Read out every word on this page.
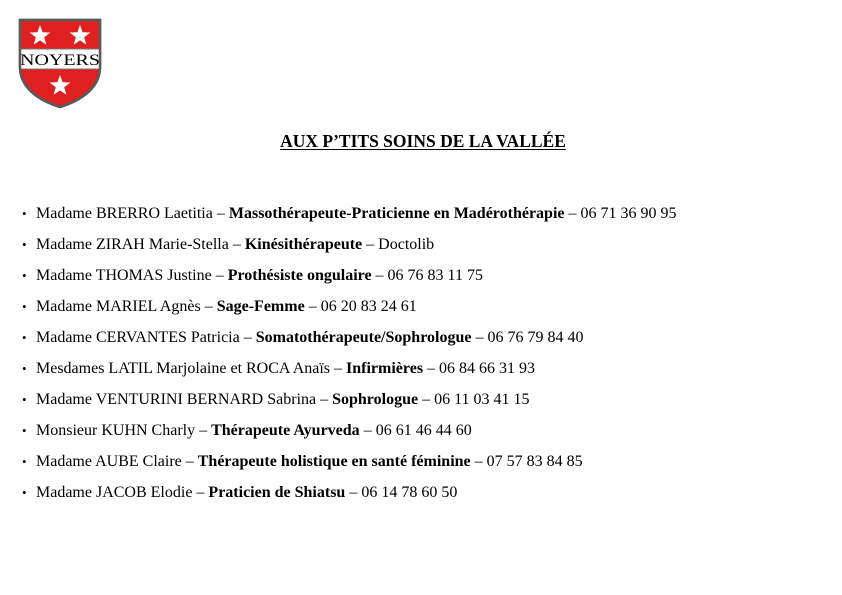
NOYERS
AUX P’TITS SOINS DE LA VALLÉE
• Madame BRERRO Laetitia – Massothérapeute-Praticienne en Madérothérapie – 06 71 36 90 95
• Madame ZIRAH Marie-Stella – Kinésithérapeute – Doctolib
• Madame THOMAS Justine – Prothésiste ongulaire – 06 76 83 11 75
• Madame MARIEL Agnès – Sage-Femme – 06 20 83 24 61
• Madame CERVANTES Patricia – Somatothérapeute/Sophrologue – 06 76 79 84 40
• Mesdames LATIL Marjolaine et ROCA Anaïs – Infirmières – 06 84 66 31 93
• Madame VENTURINI BERNARD Sabrina – Sophrologue – 06 11 03 41 15
• Monsieur KUHN Charly – Thérapeute Ayurveda – 06 61 46 44 60
• Madame AUBE Claire – Thérapeute holistique en santé féminine – 07 57 83 84 85
• Madame JACOB Elodie – Praticien de Shiatsu – 06 14 78 60 50
